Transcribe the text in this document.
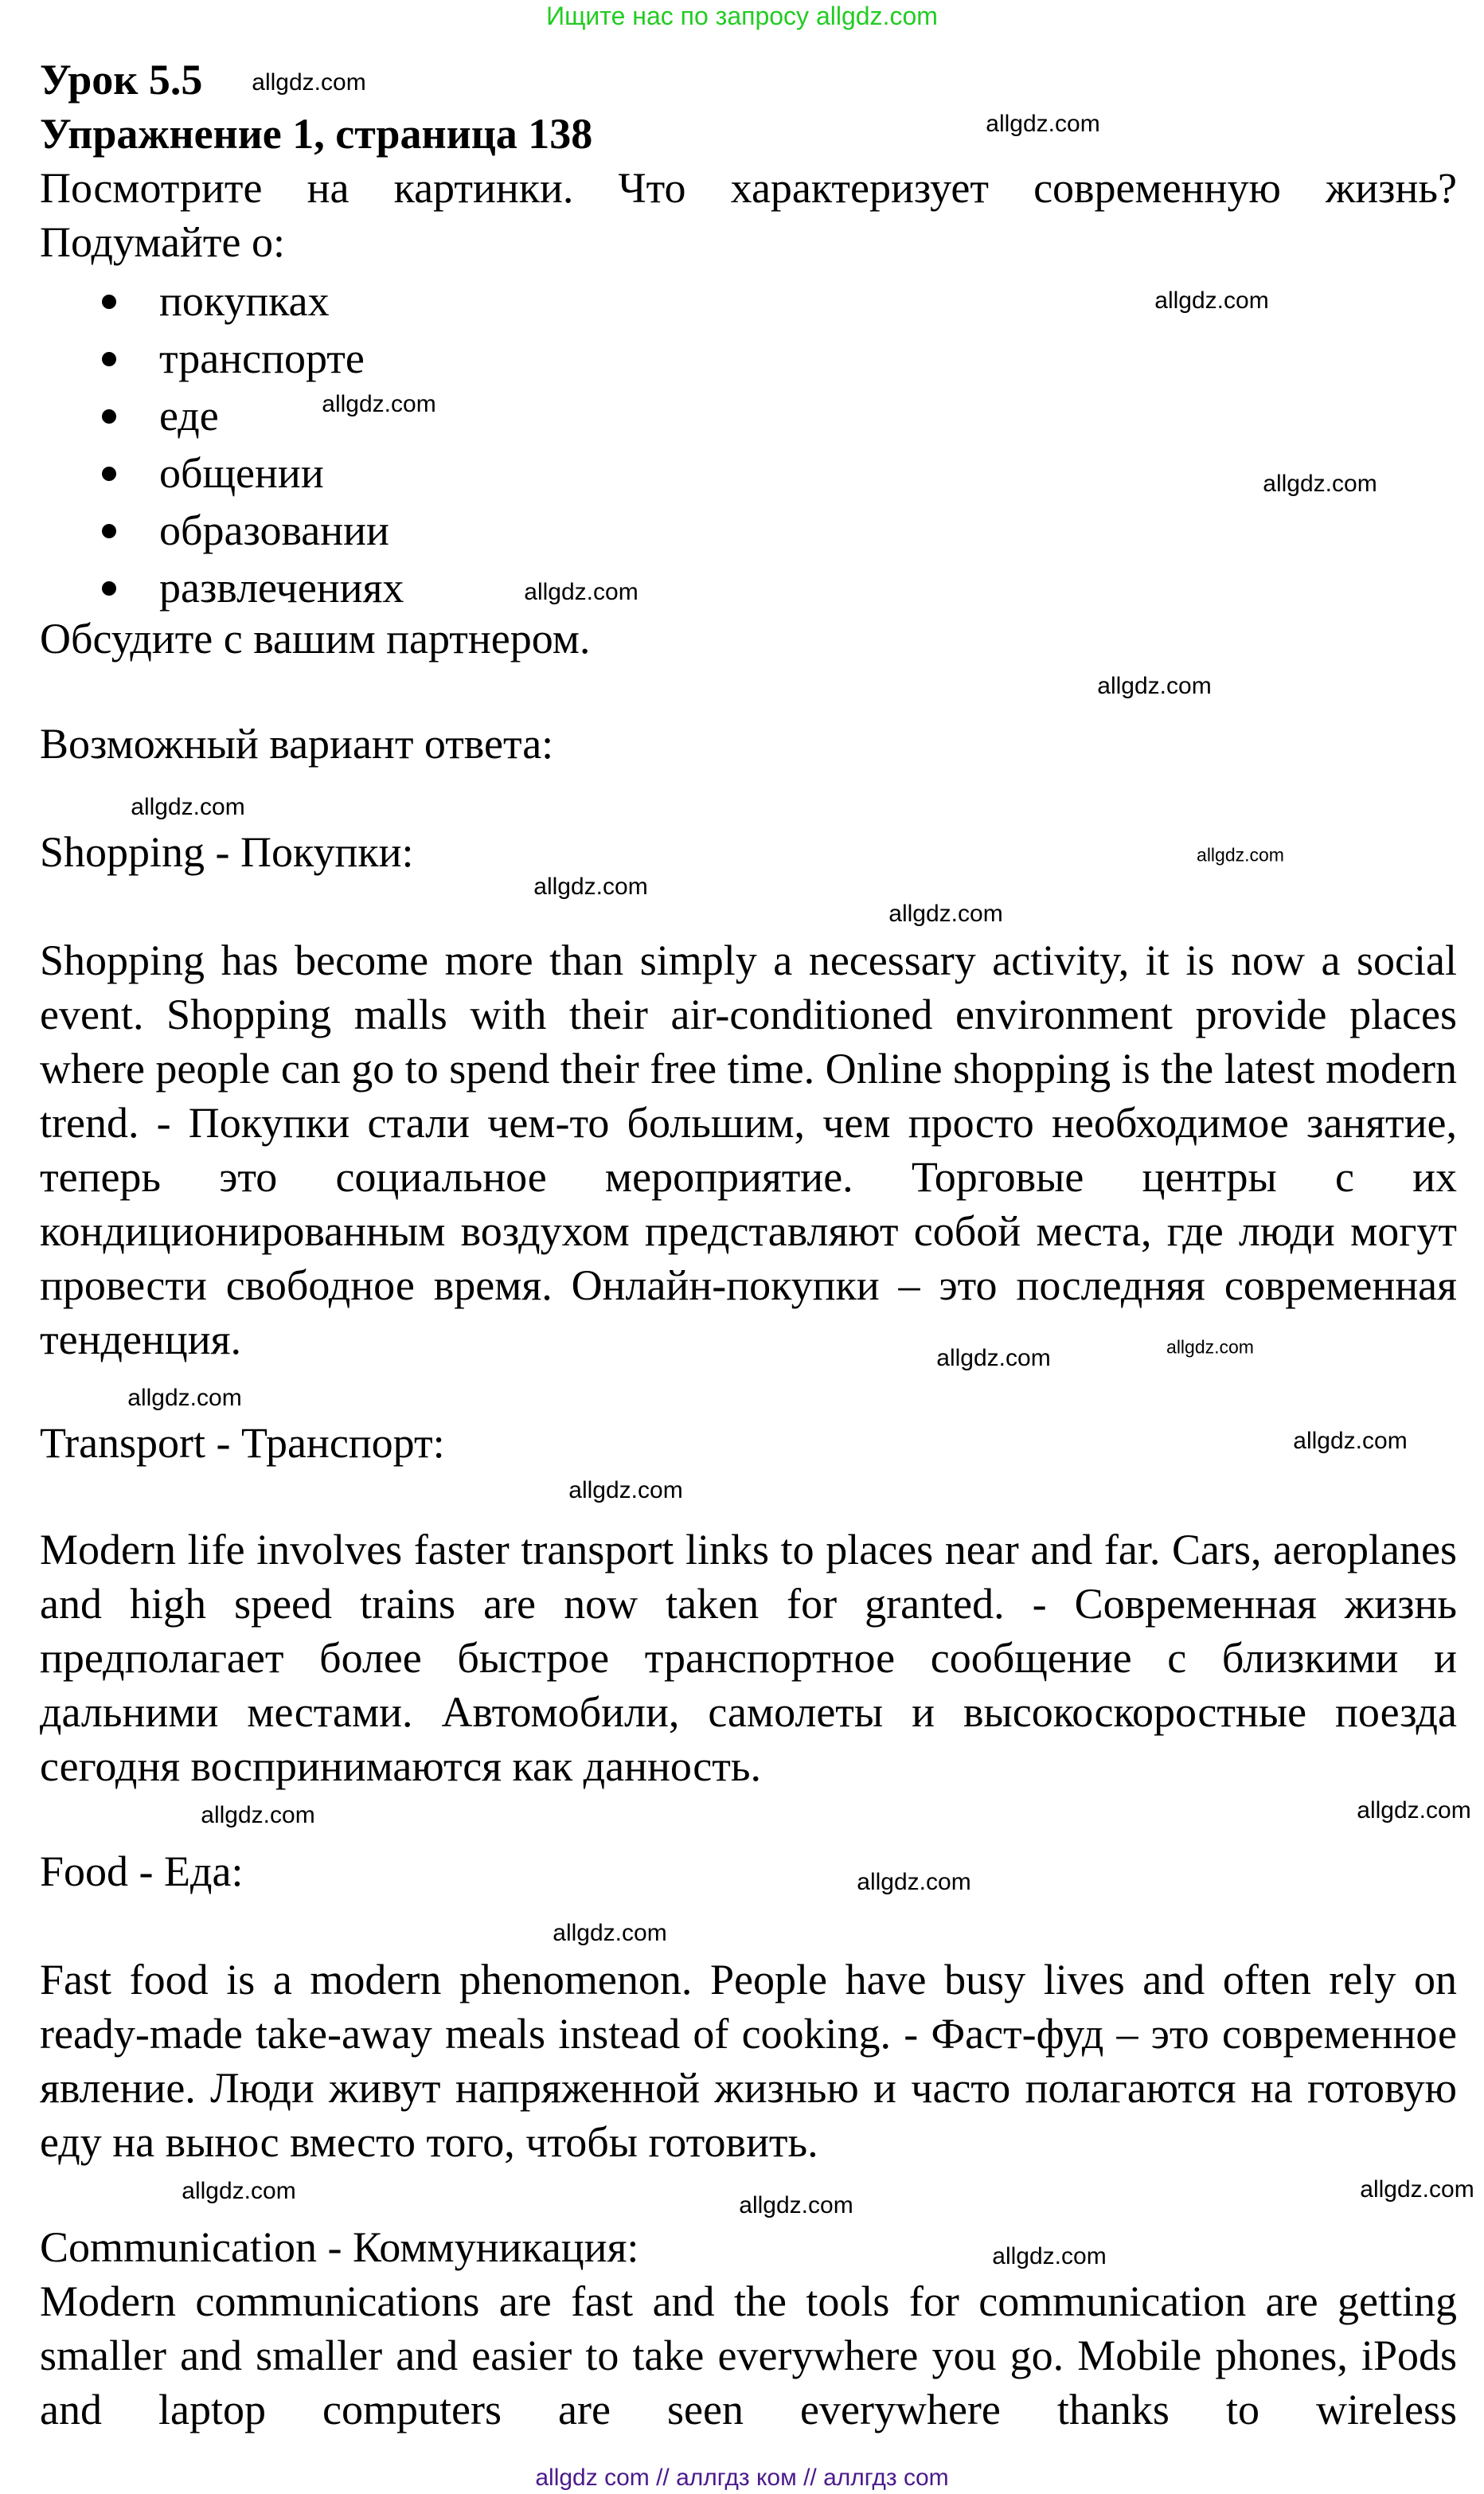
Ищите нас по запросу allgdz.com
Урок 5.5
Упражнение 1, страница 138
Посмотрите на картинки. Что характеризует современную жизнь? Подумайте о:
покупках
транспорте
еде
общении
образовании
развлечениях
Обсудите с вашим партнером.
Возможный вариант ответа:
Shopping - Покупки:
Shopping has become more than simply a necessary activity, it is now a social event. Shopping malls with their air-conditioned environment provide places where people can go to spend their free time. Online shopping is the latest modern trend. - Покупки стали чем-то большим, чем просто необходимое занятие, теперь это социальное мероприятие. Торговые центры с их кондиционированным воздухом представляют собой места, где люди могут провести свободное время. Онлайн-покупки – это последняя современная тенденция.
Transport - Транспорт:
Modern life involves faster transport links to places near and far. Cars, aeroplanes and high speed trains are now taken for granted. - Современная жизнь предполагает более быстрое транспортное сообщение с близкими и дальними местами. Автомобили, самолеты и высокоскоростные поезда сегодня воспринимаются как данность.
Food - Еда:
Fast food is a modern phenomenon. People have busy lives and often rely on ready-made take-away meals instead of cooking. - Фаст-фуд – это современное явление. Люди живут напряженной жизнью и часто полагаются на готовую еду на вынос вместо того, чтобы готовить.
Communication - Коммуникация:
Modern communications are fast and the tools for communication are getting smaller and smaller and easier to take everywhere you go. Mobile phones, iPods and laptop computers are seen everywhere thanks to wireless
allgdz.com
allgdz.com
allgdz.com
allgdz.com
allgdz.com
allgdz.com
allgdz.com
allgdz.com
allgdz.com
allgdz.com
allgdz.com
allgdz.com
allgdz.com
allgdz.com
allgdz.com
allgdz.com
allgdz.com
allgdz.com
allgdz.com
allgdz.com
allgdz.com
allgdz.com
allgdz.com
allgdz.com
allgdz com // аллгдз ком // аллгдз com
